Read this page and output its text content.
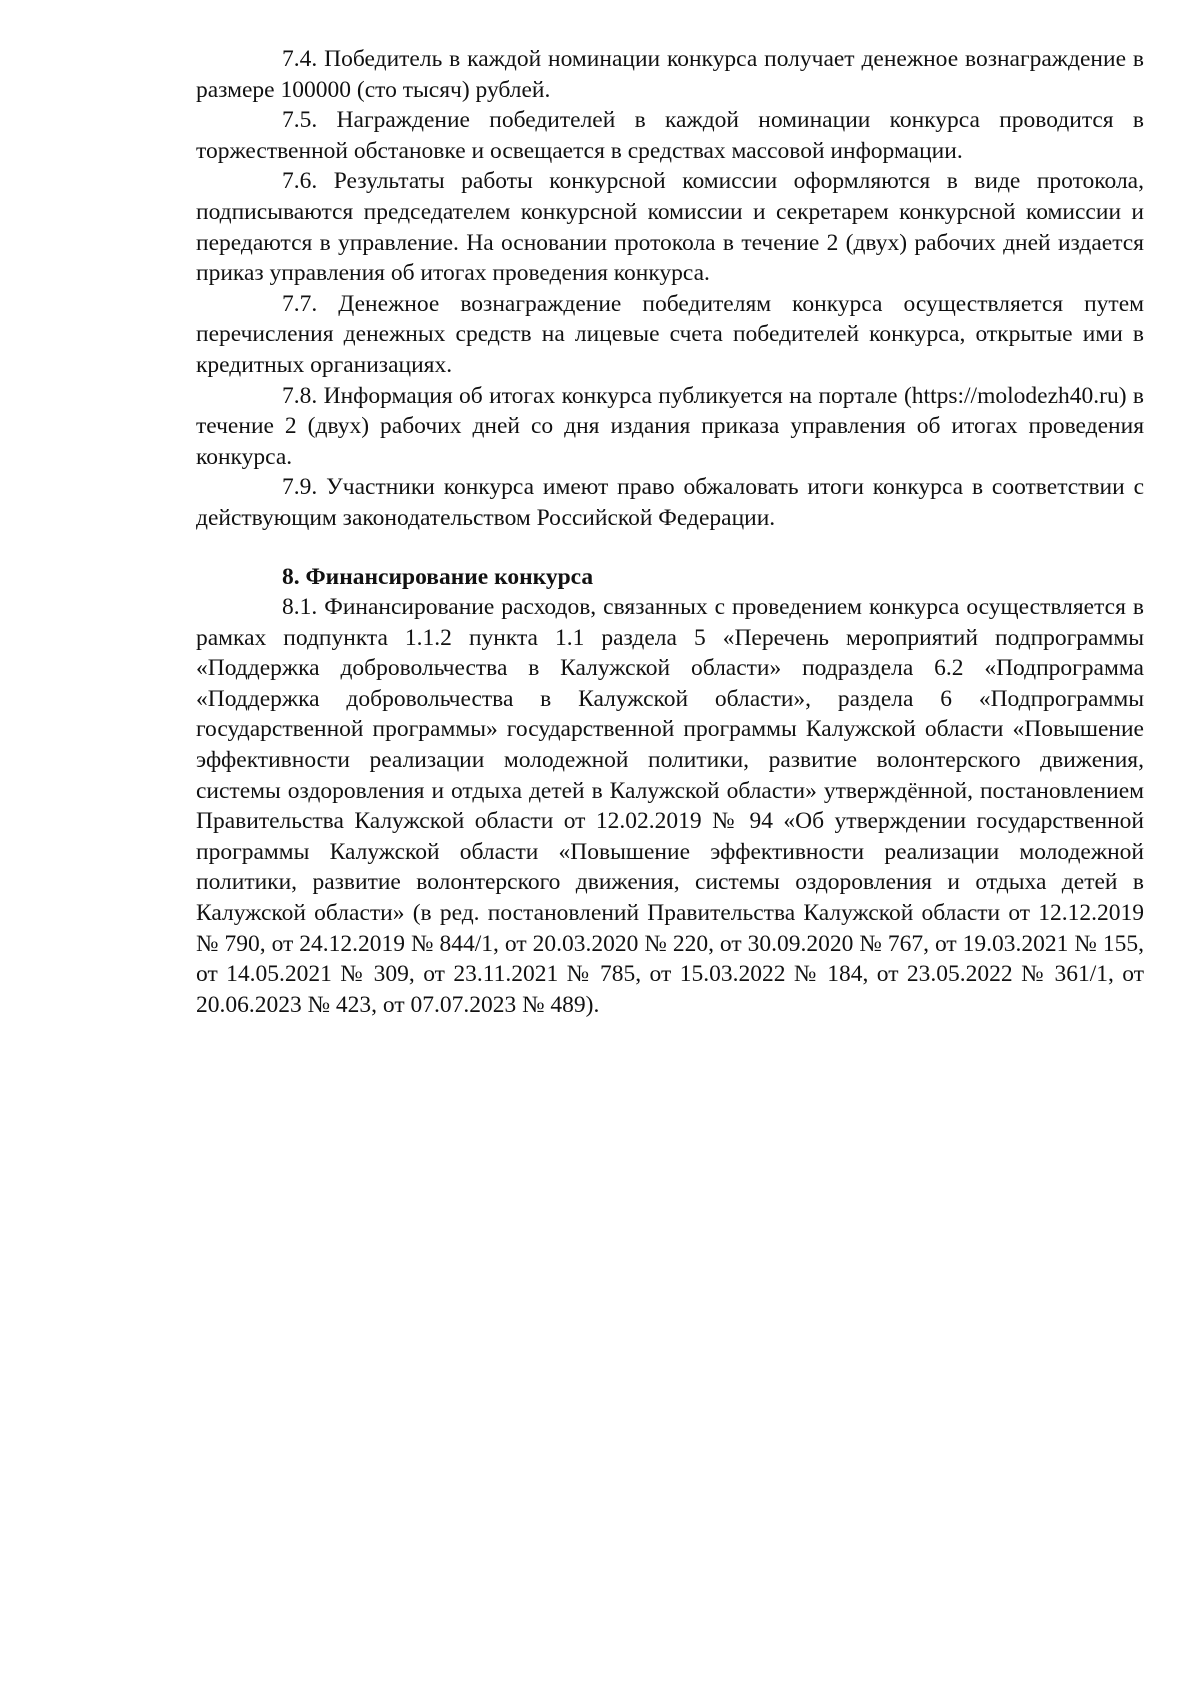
7.4. Победитель в каждой номинации конкурса получает денежное вознаграждение в размере 100000 (сто тысяч) рублей.

7.5. Награждение победителей в каждой номинации конкурса проводится в торжественной обстановке и освещается в средствах массовой информации.

7.6. Результаты работы конкурсной комиссии оформляются в виде протокола, подписываются председателем конкурсной комиссии и секретарем конкурсной комиссии и передаются в управление. На основании протокола в течение 2 (двух) рабочих дней издается приказ управления об итогах проведения конкурса.

7.7. Денежное вознаграждение победителям конкурса осуществляется путем перечисления денежных средств на лицевые счета победителей конкурса, открытые ими в кредитных организациях.

7.8. Информация об итогах конкурса публикуется на портале (https://molodezh40.ru) в течение 2 (двух) рабочих дней со дня издания приказа управления об итогах проведения конкурса.

7.9. Участники конкурса имеют право обжаловать итоги конкурса в соответствии с действующим законодательством Российской Федерации.

8. Финансирование конкурса

8.1. Финансирование расходов, связанных с проведением конкурса осуществляется в рамках подпункта 1.1.2 пункта 1.1 раздела 5 «Перечень мероприятий подпрограммы «Поддержка добровольчества в Калужской области» подраздела 6.2 «Подпрограмма «Поддержка добровольчества в Калужской области», раздела 6 «Подпрограммы государственной программы» государственной программы Калужской области «Повышение эффективности реализации молодежной политики, развитие волонтерского движения, системы оздоровления и отдыха детей в Калужской области» утверждённой, постановлением Правительства Калужской области от 12.02.2019 № 94 «Об утверждении государственной программы Калужской области «Повышение эффективности реализации молодежной политики, развитие волонтерского движения, системы оздоровления и отдыха детей в Калужской области» (в ред. постановлений Правительства Калужской области от 12.12.2019 № 790, от 24.12.2019 № 844/1, от 20.03.2020 № 220, от 30.09.2020 № 767, от 19.03.2021 № 155, от 14.05.2021 № 309, от 23.11.2021 № 785, от 15.03.2022 № 184, от 23.05.2022 № 361/1, от 20.06.2023 № 423, от 07.07.2023 № 489).
